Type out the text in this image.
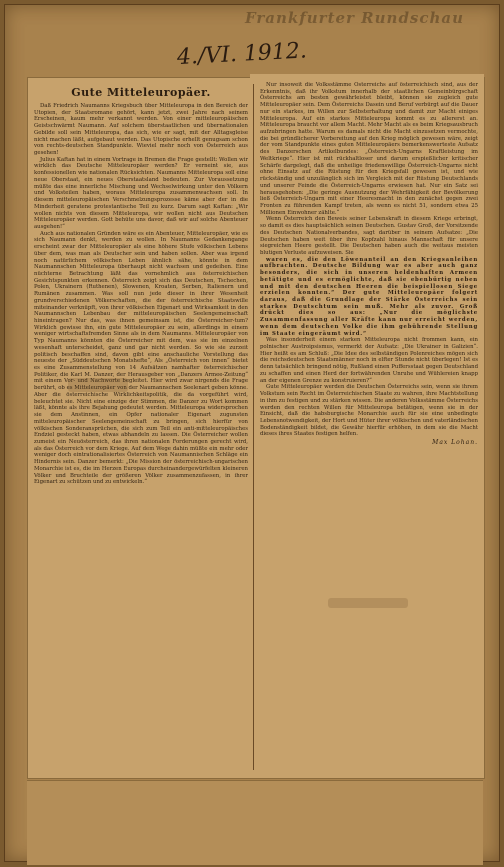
Frankfurter Rundschau
4./VI. 1912.
Gute Mitteleuropäer.

Daß Friedrich Naumanns Kriegsbuch über Mitteleuropa in den Bereich der Utopien, der Staatsromane gehört, kann jetzt, zwei Jahre nach seinem Erscheinen, kaum mehr verkannt werden. Von einer mitteleuropäischen Geistschwärmt Naumann. Auf solchem überstaatlichen und übernationalen Gebilde soll sein Mitteleuropa, das sich, wie er sagt, mit der Alltagsgleise nicht machen läßt, aufgebaut werden. Das Utopische erhellt genugsam schon von rechts-deutschen Standpunkte. Wieviel mehr noch von Österreich aus gesehen!

Julius Kaftan hat in einem Vortrage in Bremen die Frage gestellt: Wollen wir wirklich das Deutsche Mitteleuropäer werden? Er verneint sie, aus konfessionellen wie nationalen Rücksichten. Naumanns Mitteleuropa soll eine neue Oberstaat, ein neues Oberstaatsland bedeuten. Zur Voraussetzung müßte das eine innerliche Mischung und Wechselwirkung unter den Völkern und Volksteilen haben, woraus Mitteleuropa zusammenwachsen soll. In diesem mitteleuropäischen Verschmelzungsprozesse käme aber der in die Minderheit geratene protestantische Teil zu kurz. Darum sagt Kaftan: „Wir wollen nichts von diesem Mitteleuropa, wir wollen nicht aus Deutschen Mitteleuropäer werden. Gott behüte uns davor, daß wir auf solche Abenteuer ausgehen!“

Auch aus nationalen Gründen wäre es ein Abenteuer, Mitteleuropäer, wie es sich Naumann denkt, werden zu wollen. In Naumanns Gedankengange erscheint zwar der Mitteleuropäer als eine höhere Stufe völkischen Lebens über dem, was man als Deutscher sein und haben sollen. Aber was irgend noch natürlichem völkischen Leben ähnlich sähe, könnte in dem Naumannschen Mitteleuropa überhaupt nicht wachsen und gedeihen. Eine nüchterne Betrachtung läßt das vornehmlich aus österreichischen Gesichtspunkten erkennen. Österreich zeigt sich das Deutschen, Tschechen, Polen, Ukrainern (Ruthenen), Slowenen, Kroaten, Serben, Italienern und Rumänen zusammen. Was soll nun jede dieser in ihrer Wesenheit grundverschiedenen Völkerschaften, die der österreichische Staatswille miteinander verknüpft, von ihrer völkischen Eigenart und Wirksamkeit in den Naumannschen Lebenbau der mitteleuropäischen Seelengemeinschaft hineintragen? Nur das, was ihnen gemeinsam ist, die Österreicher-tum? Wirklich gewisse ihn, ein gute Mitteleuropäer zu sein, allerdings in einem weniger wirtschaftsfremden Sinne als in dem Naumanns. Mitteleuropäer von Typ Naumanns könnten die Österreicher mit dem, was sie im einzelnen wesenhaft unterscheidet, ganz und gar nicht werden. So wie sie zurzeit politisch beschaffen sind, davon gibt eine anschauliche Vorstellung das neueste der „Süddeutschen Monatshefte“, Als „Österreich von innen“ bietet es eine Zusammenstellung von 14 Aufsätzen namhafter österreichischer Politiker, die Karl M. Danzer, der Herausgeber von „Danzers Armee-Zeitung“ mit einem Vor- und Nachworte begleitet. Hier wird zwar nirgends die Frage berührt, ob es Mitteleuropäer von der Naumannschen Seelenart geben könne. Aber die österreichische Wirklichkeitspolitik, die da vorgeführt wird, beleuchtet sie. Nicht eine einzige der Stimmen, die Danzer zu Wort kommen läßt, könnte als ihre Bejahung gedeutet werden. Mitteleuropa widersprochen sie dem Anstinnen, ein Opfer nationaler Eigenart zugunsten mitteleuropäischer Seelengemeinschaft zu bringen, sich hierfür von völkischen Sonderansprüchen, die sich zum Teil ein anti-mitteleuropäisches Endziel gesteckt haben, etwas abhandeln zu lassen. Die Österreicher wollen zumeist ein Neuösterreich, das ihren nationalen Forderungen gerecht wird, als das Österreich vor dem Kriege. Auf dem Wege dahin müßte ein mehr oder weniger doch eintrationalisiertes Österreich von Naumannischen Schläge ein Hindernis sein. Danzer bemerkt: „Die Mission der österreichisch-ungarischen Monarchie ist es, die im Herzen Europas durcheinandergewürfelten kleineren Völker und Bruchteile der größeren Völker zusammenzufassen, in ihrer Eigenart zu schützen und zu entwickeln.“

Nur insoweit die Volksstämme Österreichs auf österreichisch sind, aus der Erkenntnis, daß ihr Volkstum innerhalb der staatlichen Gemeinbürgschaft Österreichs am besten gewährleistet bleibt, können sie zugleich gute Mitteleuropäer sein. Dem Österreichs Dasein und Beruf verbürgt auf die Dauer nur ein starkes, im Willen zur Selbsterhaltung und damit zur Macht einiges Mitteleuropa. Auf ein starkes Mitteleuropa kommt es zu allererst an. Mitteleuropa braucht vor allem Macht. Mehr Macht als es beim Kriegsausbruch aufzubringen hatte. Warum es damals nicht die Macht einzusetzen vermochte, die bei gründlicherer Vorbereitung auf den Krieg möglich gewesen wäre, zeigt der vom Standpunkte eines guten Mitteleuropäers bemerkenswerteste Aufsatz des Danzerschen Artikelbundes: „Österreich-Ungarns Kraftleistung im Weltkriege“. Hier ist mit rückhaltloser und darum erspießlicher kritischer Schärfe dargelegt, daß die unheilige friedenswillige Österreich-Ungarns nicht ohne Einsatz auf die Rüstung für den Kriegsfall gewesen ist, und wie rückständig und unzulänglich sich im Vergleich mit der Rüstung Deutschlands und unserer Feinde die Österreich-Ungarns erwiesen hat. Nur ein Satz sei herausgehoben: „Die geringe Ausnutzung der Wehrfähigkeit der Bevölkerung ließ Österreich-Ungarn mit einer Heeresmacht in den zunächst gegen zwei Fronten zu führenden Kampf treten, als wenn es nicht 51, sondern etwa 25 Millionen Einwohner zählte.“

Wenn Österreich den Beweis seiner Lebenskraft in diesem Kriege erbringt, so damit es dies hauptsächlich seinen Deutschen. Gustav Groß, der Vorsitzende des Deutschen Nationalverbandes, sagt darüber in seinem Aufsatze: „Die Deutschen haben weit über ihre Kopfzahl hinaus Mannschaft für unsere siegreichen Heere gestellt. Die Deutschen haben auch die weitaus meisten blutigen Verluste aufzuweisen. Sie

waren es, die den Löwenanteil an den Kriegsanleihen aufbrachten. Deutsche Bildung war es aber auch ganz besonders, die sich in unseren heldenhaften Armeen betätigte und es ermöglichte, daß sie ebenbürtig neben und mit den deutschen Heeren die beispiellosen Siege erzielen konnten.“ Der gute Mitteleuropäer folgert daraus, daß die Grundlage der Stärke Österreichs sein starkes Deutschtum sein muß. Mehr als zuvor. Groß drückt dies so aus: „Nur die möglichste Zusammenfassung aller Kräfte kann nur erreicht werden, wenn dem deutschen Volke die ihm gebührende Stellung im Staate eingeräumt wird.“

Was insonderheit einem starken Mitteleuropa nicht frommen kann, ein polnischer Austroipsismus, vermerkt der Aufsatz: „Die Ukrainer in Galizien“. Hier heißt es am Schluß: „Die Idee des selbständigen Polenreiches mögen sich die reichsdeutschen Staatsmänner noch in elfter Stunde nicht überlegen! Ist es denn tatsächlich bringend nötig, Rußland einen Puffersstaat gegen Deutschland zu schaffen und einen Herd der fortwährenden Unruhe und Wühlereien knapp an der eigenen Grenze zu konstruieren?“

Gute Mitteleuropäer werden die Deutschen Österreichs sein, wenn sie ihrem Volkstum sein Recht im Österreichischen Staate zu wahren, ihre Machtstellung in ihm zu festigen und zu stärken wissen. Die anderen Volksstämme Österreichs werden den rechten Willen für Mitteleuropa betätigen, wenn sie in der Einsicht, daß die habsburgische Monarchie auch für sie eine unbedingte Lebensnotwendigkeit, der Hort und Hüter ihrer völkischen und vaterländischen Bodenständigkeit bildet, die Gewähr hierfür erhöhen, in dem sie die Macht dieses ihres Staates festigen helfen.

Max Lohan.
